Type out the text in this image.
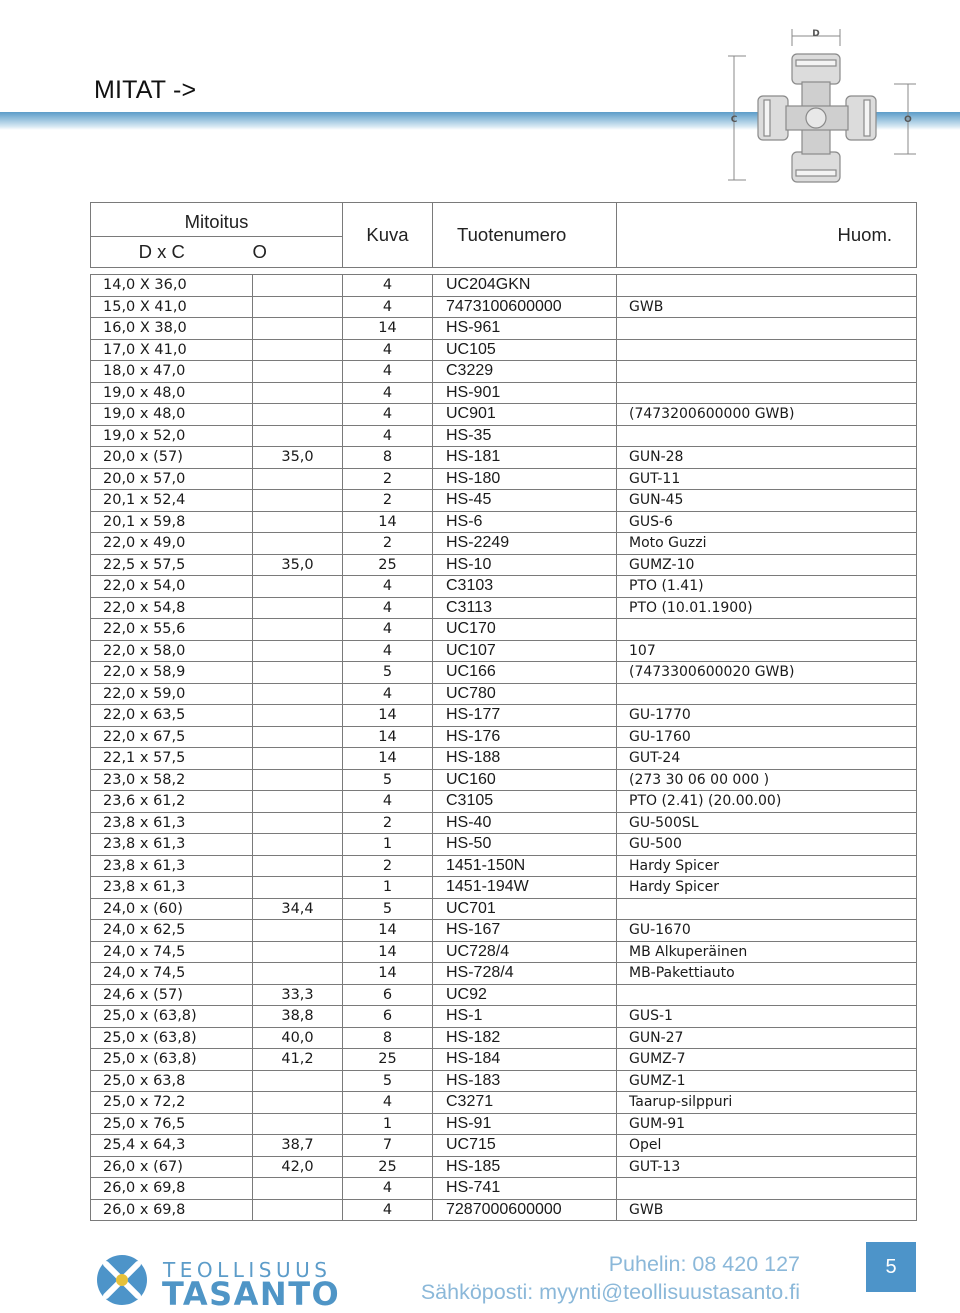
MITAT ->
D
C	O
Mitoitus		Kuva	Tuotenumero	Huom.
D x C	O			

14,0 X 36,0		4	UC204GKN	
15,0 X 41,0		4	7473100600000	GWB
16,0 X 38,0		14	HS-961	
17,0 X 41,0		4	UC105	
18,0 x 47,0		4	C3229	
19,0 x 48,0		4	HS-901	
19,0 x 48,0		4	UC901	(7473200600000 GWB)
19,0 x 52,0		4	HS-35	
20,0 x (57)	35,0	8	HS-181	GUN-28
20,0 x 57,0		2	HS-180	GUT-11
20,1 x 52,4		2	HS-45	GUN-45
20,1 x 59,8		14	HS-6	GUS-6
22,0 x 49,0		2	HS-2249	Moto Guzzi
22,5 x 57,5	35,0	25	HS-10	GUMZ-10
22,0 x 54,0		4	C3103	PTO (1.41)
22,0 x 54,8		4	C3113	PTO (10.01.1900)
22,0 x 55,6		4	UC170	
22,0 x 58,0		4	UC107	107
22,0 x 58,9		5	UC166	(7473300600020 GWB)
22,0 x 59,0		4	UC780	
22,0 x 63,5		14	HS-177	GU-1770
22,0 x 67,5		14	HS-176	GU-1760
22,1 x 57,5		14	HS-188	GUT-24
23,0 x 58,2		5	UC160	(273 30 06 00 000 )
23,6 x 61,2		4	C3105	PTO (2.41) (20.00.00)
23,8 x 61,3		2	HS-40	GU-500SL
23,8 x 61,3		1	HS-50	GU-500
23,8 x 61,3		2	1451-150N	Hardy Spicer
23,8 x 61,3		1	1451-194W	Hardy Spicer
24,0 x (60)	34,4	5	UC701	
24,0 x 62,5		14	HS-167	GU-1670
24,0 x 74,5		14	UC728/4	MB Alkuperäinen
24,0 x 74,5		14	HS-728/4	MB-Pakettiauto
24,6 x (57)	33,3	6	UC92	
25,0 x (63,8)	38,8	6	HS-1	GUS-1
25,0 x (63,8)	40,0	8	HS-182	GUN-27
25,0 x (63,8)	41,2	25	HS-184	GUMZ-7
25,0 x 63,8		5	HS-183	GUMZ-1
25,0 x 72,2		4	C3271	Taarup-silppuri
25,0 x 76,5		1	HS-91	GUM-91
25,4 x 64,3	38,7	7	UC715	Opel
26,0 x (67)	42,0	25	HS-185	GUT-13
26,0 x 69,8		4	HS-741	
26,0 x 69,8		4	7287000600000	GWB
TEOLLISUUS
TASANTO
Puhelin: 08 420 127
Sähköposti: myynti@teollisuustasanto.fi
5
